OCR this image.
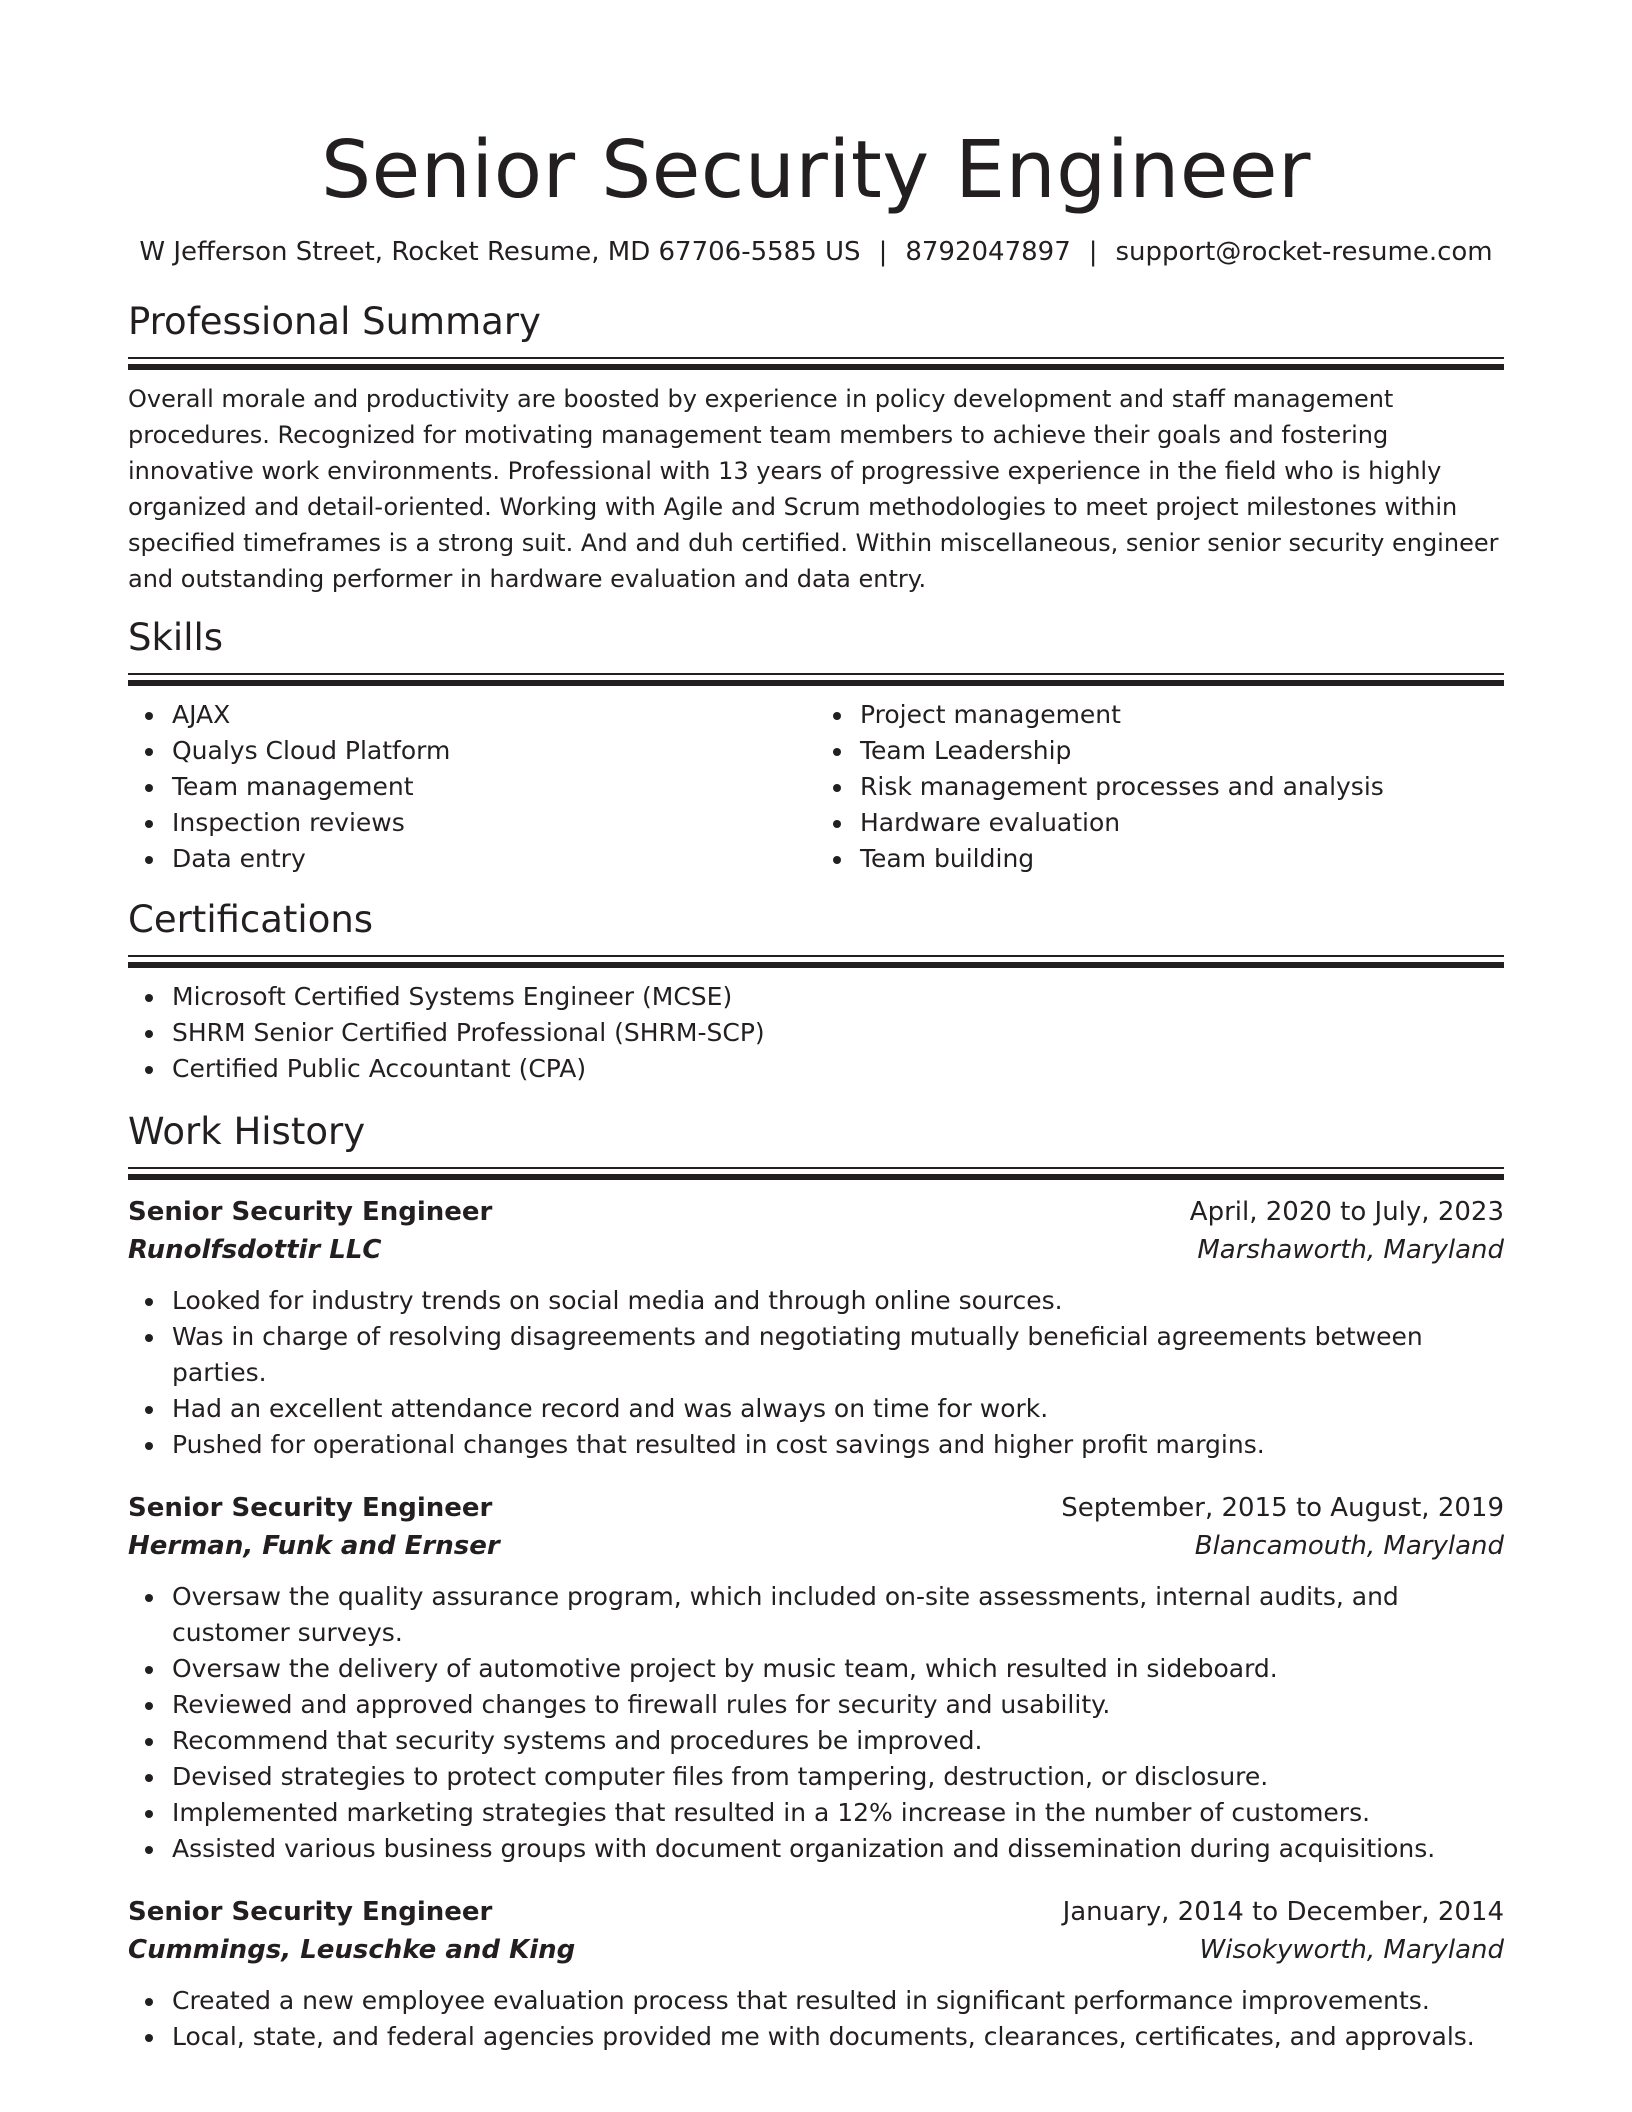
Senior Security Engineer
W Jefferson Street, Rocket Resume, MD 67706-5585 US | 8792047897 | support@rocket-resume.com
Professional Summary

Overall morale and productivity are boosted by experience in policy development and staff management procedures. Recognized for motivating management team members to achieve their goals and fostering innovative work environments. Professional with 13 years of progressive experience in the field who is highly organized and detail-oriented. Working with Agile and Scrum methodologies to meet project milestones within specified timeframes is a strong suit. And and duh certified. Within miscellaneous, senior senior security engineer and outstanding performer in hardware evaluation and data entry.

Skills
AJAX
Qualys Cloud Platform
Team management
Inspection reviews
Data entry
Project management
Team Leadership
Risk management processes and analysis
Hardware evaluation
Team building
Certifications
Microsoft Certified Systems Engineer (MCSE)
SHRM Senior Certified Professional (SHRM-SCP)
Certified Public Accountant (CPA)
Work History
Senior Security Engineer	April, 2020 to July, 2023
Runolfsdottir LLC	Marshaworth, Maryland
Looked for industry trends on social media and through online sources.
Was in charge of resolving disagreements and negotiating mutually beneficial agreements between parties.
Had an excellent attendance record and was always on time for work.
Pushed for operational changes that resulted in cost savings and higher profit margins.
Senior Security Engineer	September, 2015 to August, 2019
Herman, Funk and Ernser	Blancamouth, Maryland
Oversaw the quality assurance program, which included on-site assessments, internal audits, and customer surveys.
Oversaw the delivery of automotive project by music team, which resulted in sideboard.
Reviewed and approved changes to firewall rules for security and usability.
Recommend that security systems and procedures be improved.
Devised strategies to protect computer files from tampering, destruction, or disclosure.
Implemented marketing strategies that resulted in a 12% increase in the number of customers.
Assisted various business groups with document organization and dissemination during acquisitions.
Senior Security Engineer	January, 2014 to December, 2014
Cummings, Leuschke and King	Wisokyworth, Maryland
Created a new employee evaluation process that resulted in significant performance improvements.
Local, state, and federal agencies provided me with documents, clearances, certificates, and approvals.
